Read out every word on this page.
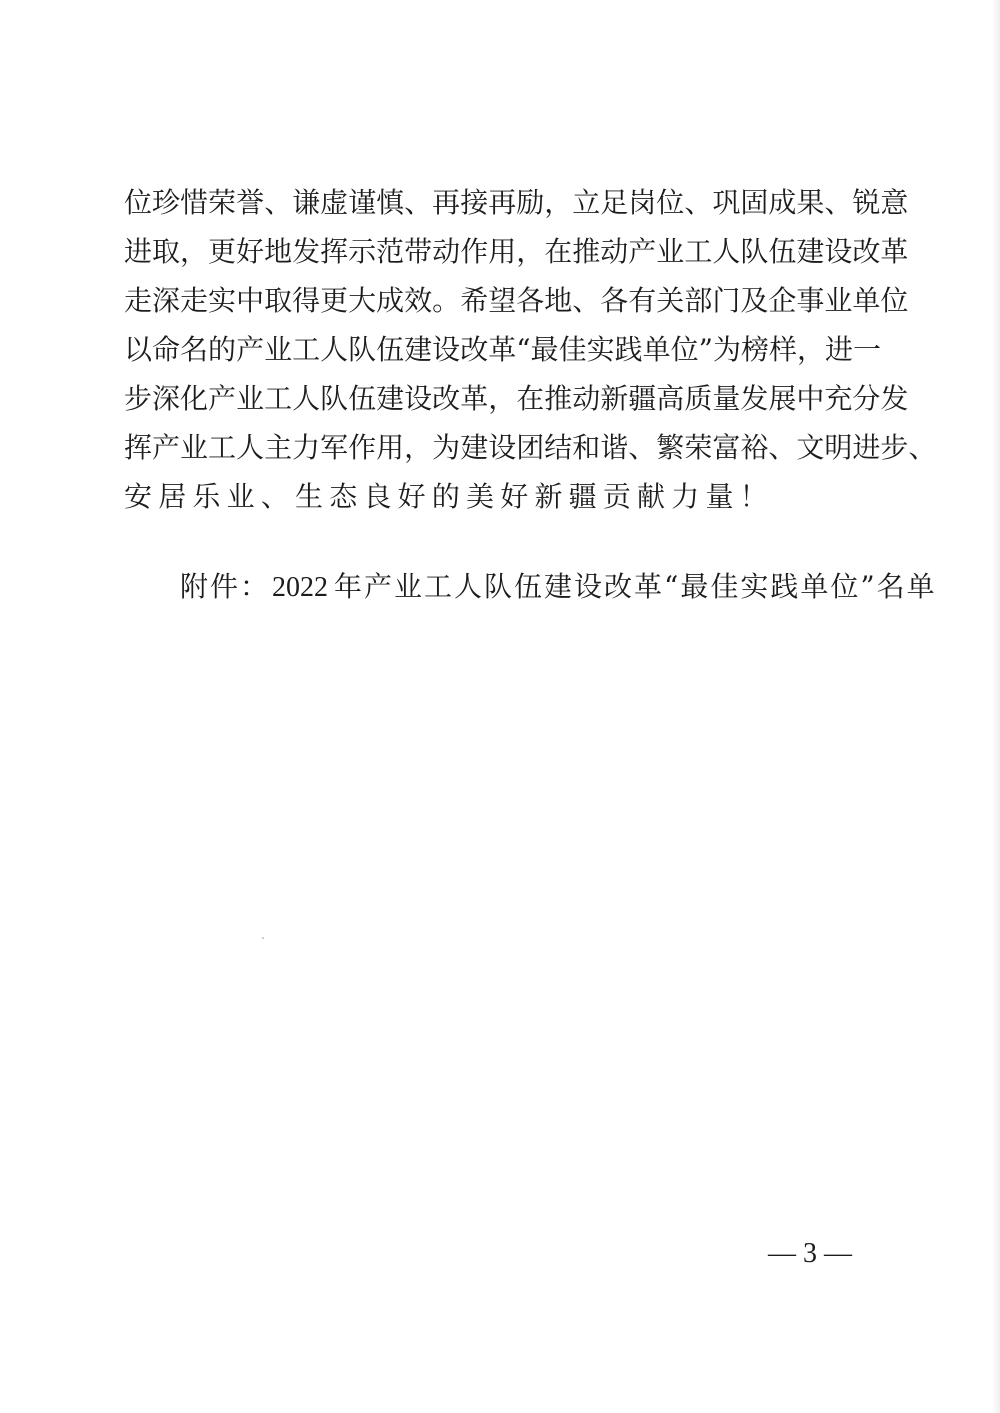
位 珍 惜 荣 誉 、 谦 虚 谨 慎 、 再 接 再 励 ， 立 足 岗 位 、 巩 固 成 果 、 锐 意
进 取 ， 更 好 地 发 挥 示 范 带 动 作 用 ， 在 推 动 产 业 工 人 队 伍 建 设 改 革
走 深 走 实 中 取 得 更 大 成 效 。 希 望 各 地 、 各 有 关 部 门 及 企 事 业 单 位
以 命 名 的 产 业 工 人 队 伍 建 设 改 革 “ 最 佳 实 践 单 位 ” 为 榜 样 ， 进 一
步 深 化 产 业 工 人 队 伍 建 设 改 革 ， 在 推 动 新 疆 高 质 量 发 展 中 充 分 发
挥 产 业 工 人 主 力 军 作 用 ， 为 建 设 团 结 和 谐 、 繁 荣 富 裕 、 文 明 进 步 、
安 居 乐 业 、 生 态 良 好 的 美 好 新 疆 贡 献 力 量 ！
附件：2022 年产业工人队伍建设改革“最佳实践单位”名单
— 3 —
